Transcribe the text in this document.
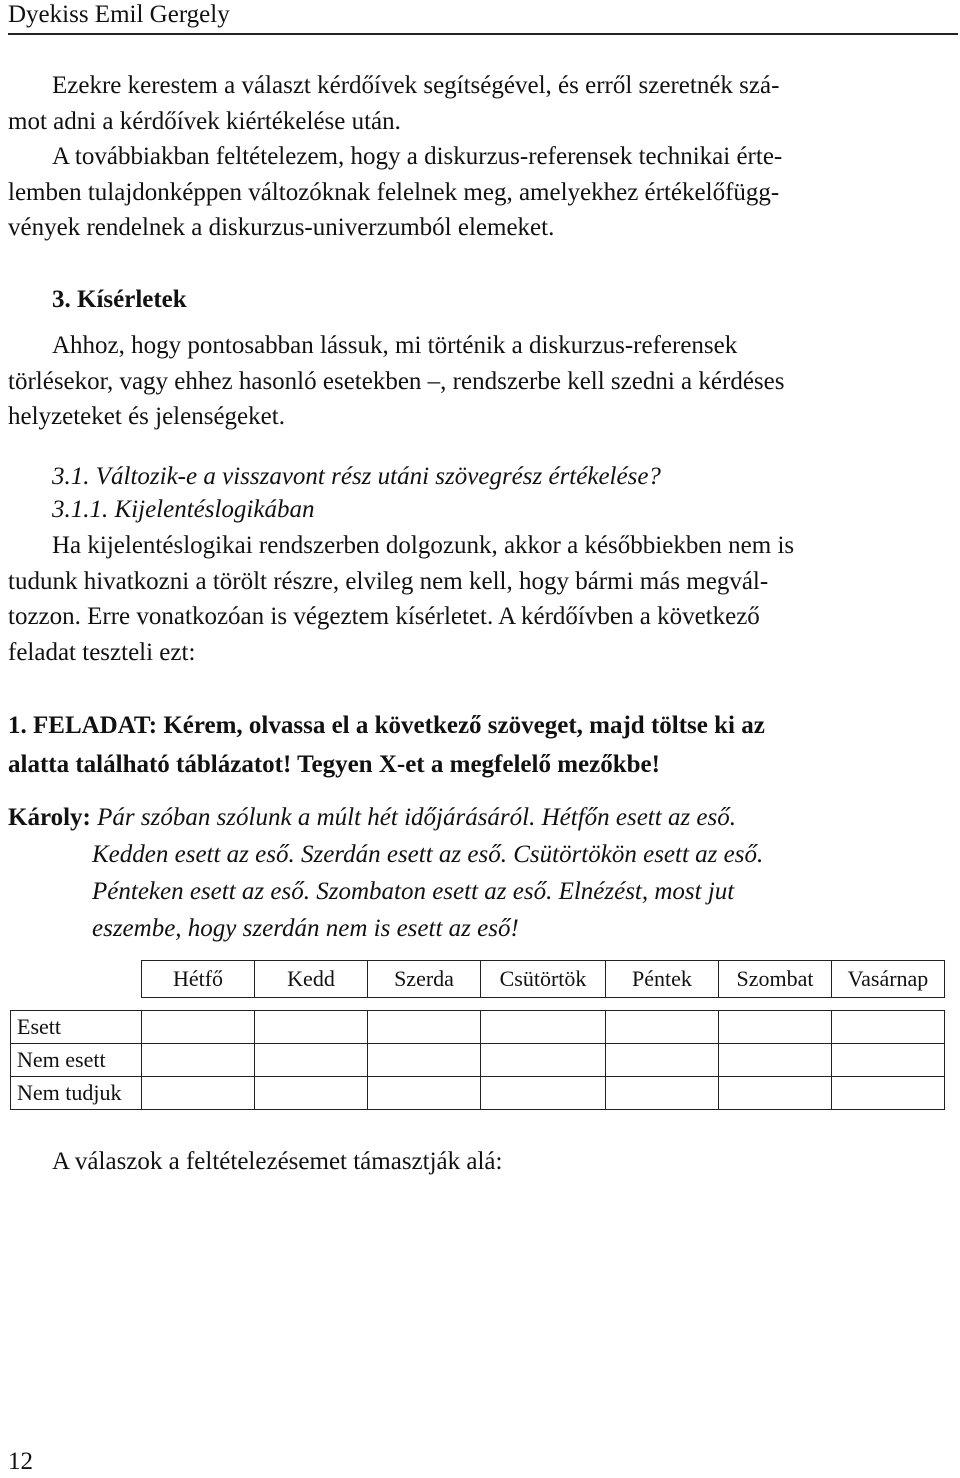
Dyekiss Emil Gergely
Ezekre kerestem a választ kérdőívek segítségével, és erről szeretnék szá-
mot adni a kérdőívek kiértékelése után.
A továbbiakban feltételezem, hogy a diskurzus-referensek technikai érte-
lemben tulajdonképpen változóknak felelnek meg, amelyekhez értékelőfügg-
vények rendelnek a diskurzus-univerzumból elemeket.
3. Kísérletek
Ahhoz, hogy pontosabban lássuk, mi történik a diskurzus-referensek
törlésekor, vagy ehhez hasonló esetekben –, rendszerbe kell szedni a kérdéses
helyzeteket és jelenségeket.
3.1. Változik-e a visszavont rész utáni szövegrész értékelése?
3.1.1. Kijelentéslogikában
Ha kijelentéslogikai rendszerben dolgozunk, akkor a későbbiekben nem is
tudunk hivatkozni a törölt részre, elvileg nem kell, hogy bármi más megvál-
tozzon. Erre vonatkozóan is végeztem kísérletet. A kérdőívben a következő
feladat teszteli ezt:
1. FELADAT: Kérem, olvassa el a következő szöveget, majd töltse ki az
alatta található táblázatot! Tegyen X-et a megfelelő mezőkbe!
Károly: Pár szóban szólunk a múlt hét időjárásáról. Hétfőn esett az eső.
Kedden esett az eső. Szerdán esett az eső. Csütörtökön esett az eső.
Pénteken esett az eső. Szombaton esett az eső. Elnézést, most jut
eszembe, hogy szerdán nem is esett az eső!
	Hétfő	Kedd	Szerda	Csütörtök	Péntek	Szombat	Vasárnap

Esett							
Nem esett							
Nem tudjuk							
A válaszok a feltételezésemet támasztják alá:
12
